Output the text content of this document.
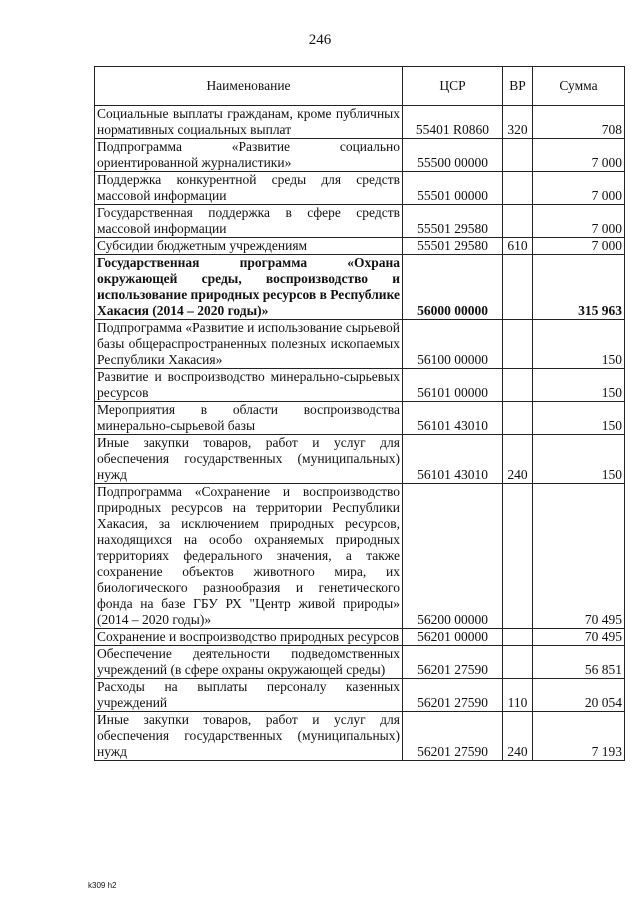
246
Наименование	ЦСР	ВР	Сумма
Социальные выплаты гражданам, кроме публичных нормативных социальных выплат	55401 R0860	320	708
Подпрограмма «Развитие социально ориентированной журналистики»	55500 00000		7 000
Поддержка конкурентной среды для средств массовой информации	55501 00000		7 000
Государственная поддержка в сфере средств массовой информации	55501 29580		7 000
Субсидии бюджетным учреждениям	55501 29580	610	7 000
Государственная программа «Охрана окружающей среды, воспроизводство и использование природных ресурсов в Республике Хакасия (2014 – 2020 годы)»	56000 00000		315 963
Подпрограмма «Развитие и использование сырьевой базы общераспространенных полезных ископаемых Республики Хакасия»	56100 00000		150
Развитие и воспроизводство минерально-сырьевых ресурсов	56101 00000		150
Мероприятия в области воспроизводства минерально-сырьевой базы	56101 43010		150
Иные закупки товаров, работ и услуг для обеспечения государственных (муниципальных) нужд	56101 43010	240	150
Подпрограмма «Сохранение и воспроизводство природных ресурсов на территории Республики Хакасия, за исключением природных ресурсов, находящихся на особо охраняемых природных территориях федерального значения, а также сохранение объектов животного мира, их биологического разнообразия и генетического фонда на базе ГБУ РХ "Центр живой природы» (2014 – 2020 годы)»	56200 00000		70 495
Сохранение и воспроизводство природных ресурсов	56201 00000		70 495
Обеспечение деятельности подведомственных учреждений (в сфере охраны окружающей среды)	56201 27590		56 851
Расходы на выплаты персоналу казенных учреждений	56201 27590	110	20 054
Иные закупки товаров, работ и услуг для обеспечения государственных (муниципальных) нужд	56201 27590	240	7 193
k309 h2
